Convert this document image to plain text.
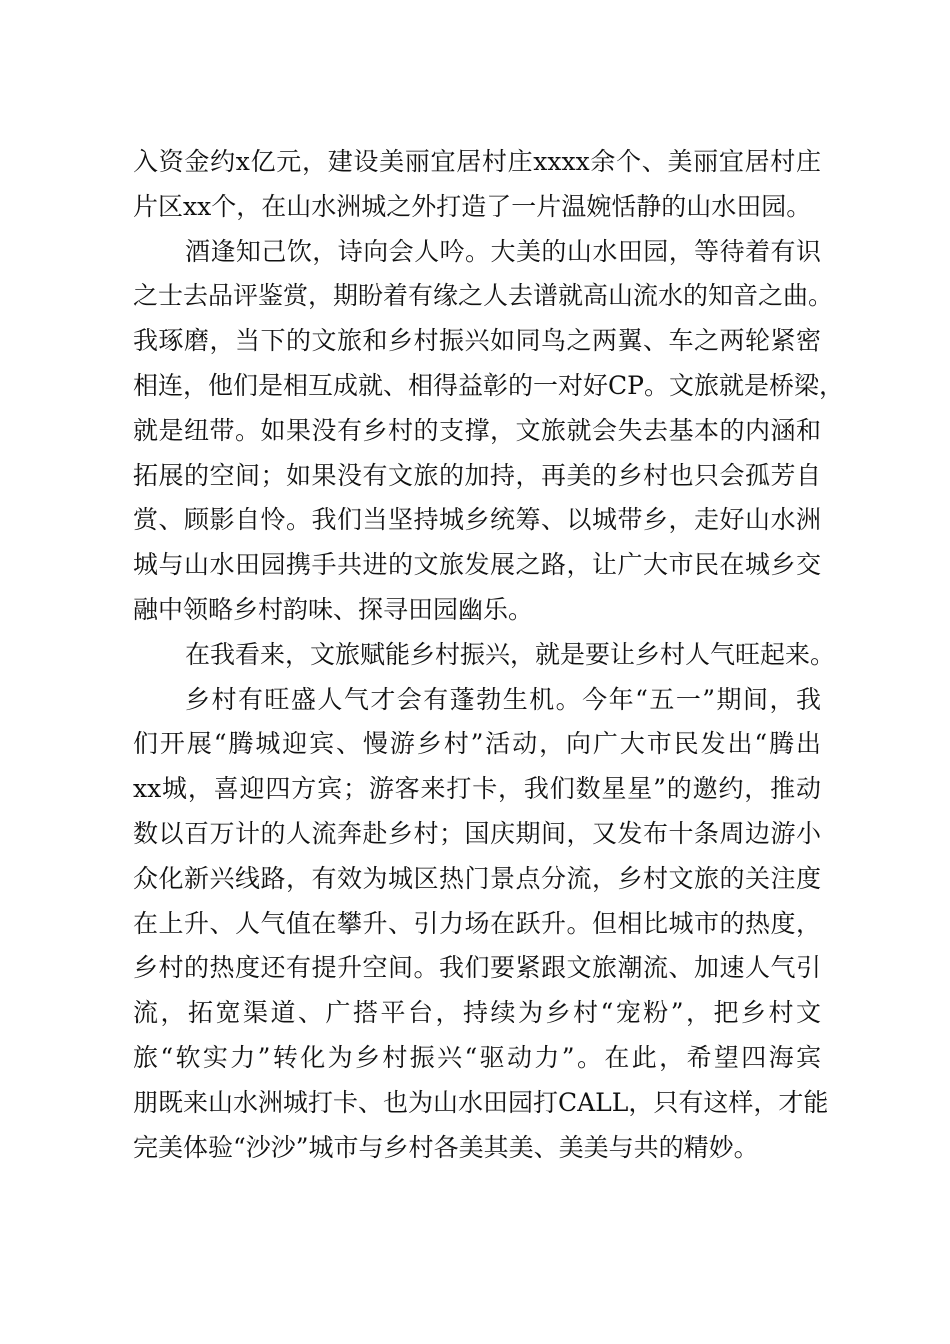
入资金约x亿元，建设美丽宜居村庄xxxx余个、美丽宜居村庄
片区xx个，在山水洲城之外打造了一片温婉恬静的山水田园。
酒逢知己饮，诗向会人吟。大美的山水田园，等待着有识
之士去品评鉴赏，期盼着有缘之人去谱就高山流水的知音之曲。
我琢磨，当下的文旅和乡村振兴如同鸟之两翼、车之两轮紧密
相连，他们是相互成就、相得益彰的一对好CP。文旅就是桥梁，
就是纽带。如果没有乡村的支撑，文旅就会失去基本的内涵和
拓展的空间；如果没有文旅的加持，再美的乡村也只会孤芳自
赏、顾影自怜。我们当坚持城乡统筹、以城带乡，走好山水洲
城与山水田园携手共进的文旅发展之路，让广大市民在城乡交
融中领略乡村韵味、探寻田园幽乐。
在我看来，文旅赋能乡村振兴，就是要让乡村人气旺起来。
乡村有旺盛人气才会有蓬勃生机。今年“五一”期间，我
们开展“腾城迎宾、慢游乡村”活动，向广大市民发出“腾出
xx城，喜迎四方宾；游客来打卡，我们数星星”的邀约，推动
数以百万计的人流奔赴乡村；国庆期间，又发布十条周边游小
众化新兴线路，有效为城区热门景点分流，乡村文旅的关注度
在上升、人气值在攀升、引力场在跃升。但相比城市的热度，
乡村的热度还有提升空间。我们要紧跟文旅潮流、加速人气引
流，拓宽渠道、广搭平台，持续为乡村“宠粉”，把乡村文
旅“软实力”转化为乡村振兴“驱动力”。在此，希望四海宾
朋既来山水洲城打卡、也为山水田园打CALL，只有这样，才能
完美体验“沙沙”城市与乡村各美其美、美美与共的精妙。
